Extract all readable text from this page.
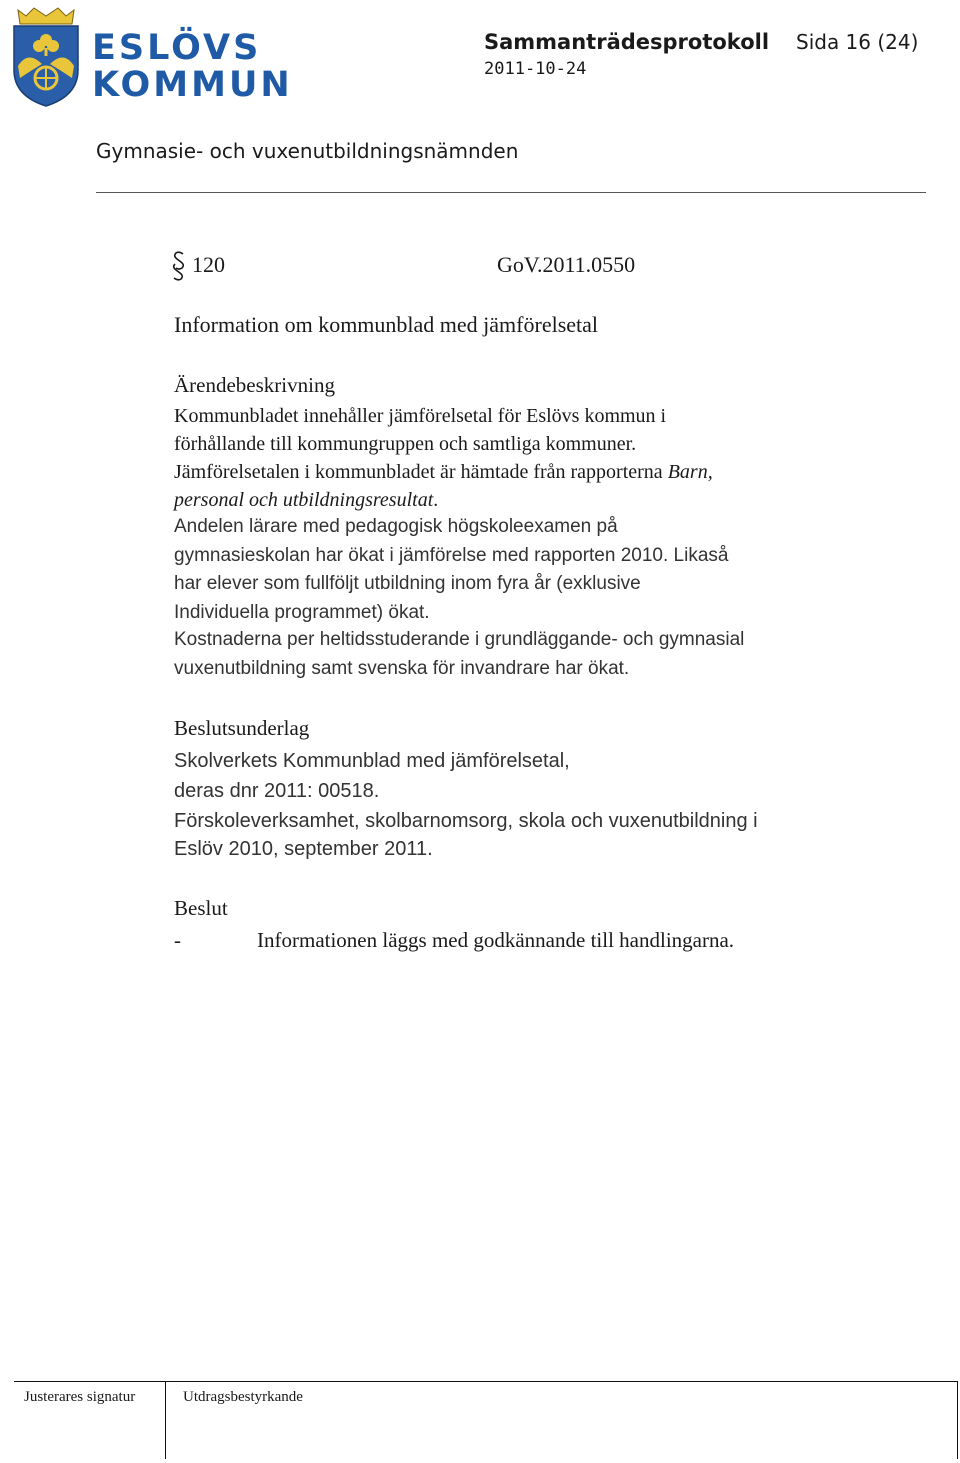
ESLÖVS
KOMMUN
Sammanträdesprotokoll Sida 16 (24)
2011-10-24
Gymnasie- och vuxenutbildningsnämnden
120	GoV.2011.0550
Information om kommunblad med jämförelsetal
Ärendebeskrivning
Kommunbladet innehåller jämförelsetal för Eslövs kommun i
förhållande till kommungruppen och samtliga kommuner.
Jämförelsetalen i kommunbladet är hämtade från rapporterna Barn,
personal och utbildningsresultat.
Andelen lärare med pedagogisk högskoleexamen på
gymnasieskolan har ökat i jämförelse med rapporten 2010. Likaså
har elever som fullföljt utbildning inom fyra år (exklusive
Individuella programmet) ökat.
Kostnaderna per heltidsstuderande i grundläggande- och gymnasial
vuxenutbildning samt svenska för invandrare har ökat.
Beslutsunderlag
Skolverkets Kommunblad med jämförelsetal,
deras dnr 2011: 00518.
Förskoleverksamhet, skolbarnomsorg, skola och vuxenutbildning i
Eslöv 2010, september 2011.
Beslut
-	Informationen läggs med godkännande till handlingarna.
Justerares signatur	Utdragsbestyrkande
